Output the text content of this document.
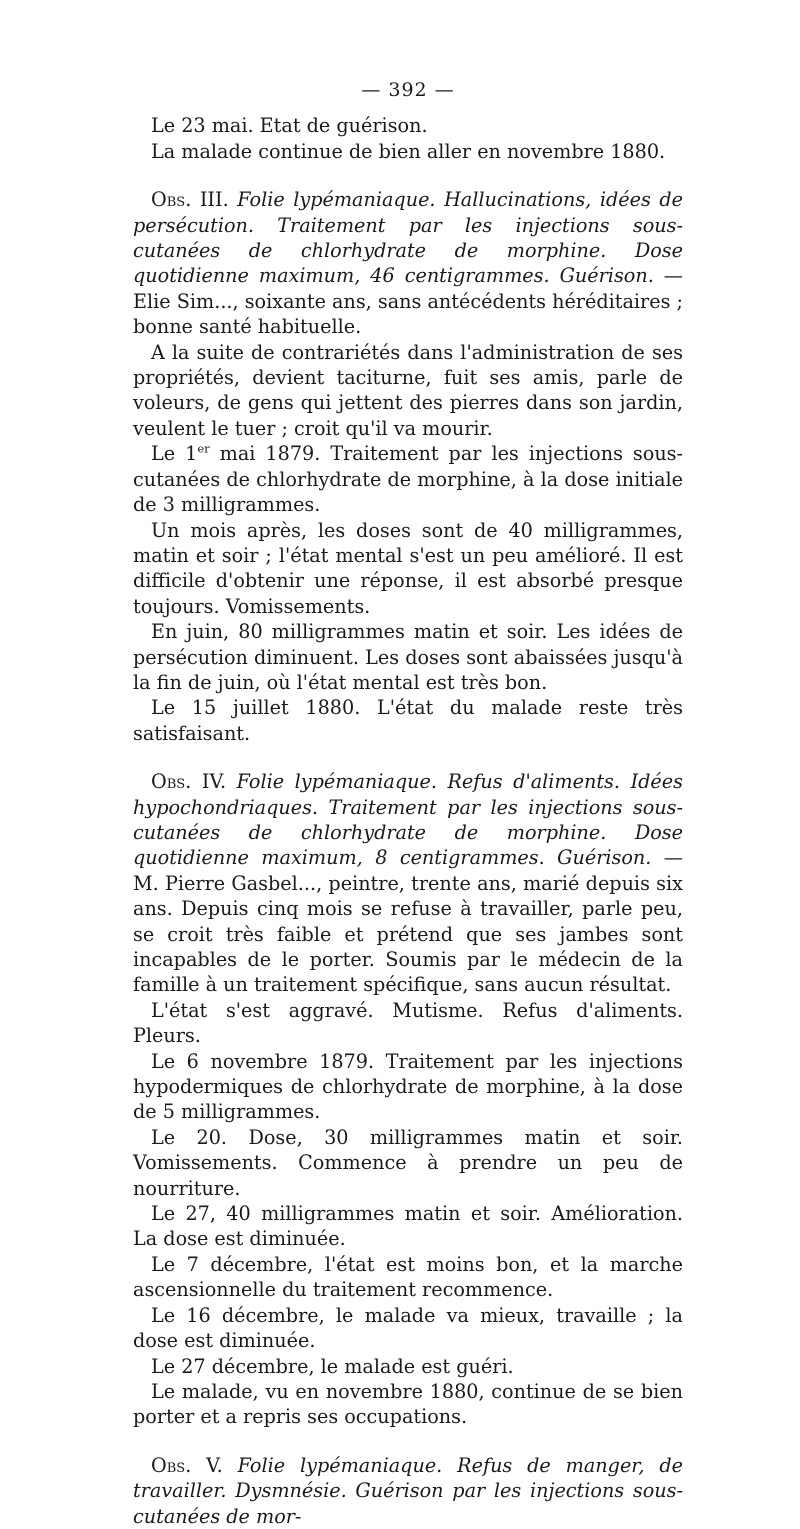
— 392 —

Le 23 mai. Etat de guérison.

La malade continue de bien aller en novembre 1880.

Obs. III. Folie lypémaniaque. Hallucinations, idées de persécution. Traitement par les injections sous-cutanées de chlorhydrate de morphine. Dose quotidienne maximum, 46 centigrammes. Guérison. — Elie Sim..., soixante ans, sans antécédents héréditaires ; bonne santé habituelle.

A la suite de contrariétés dans l'administration de ses propriétés, devient taciturne, fuit ses amis, parle de voleurs, de gens qui jettent des pierres dans son jardin, veulent le tuer ; croit qu'il va mourir.

Le 1er mai 1879. Traitement par les injections sous-cutanées de chlorhydrate de morphine, à la dose initiale de 3 milligrammes.

Un mois après, les doses sont de 40 milligrammes, matin et soir ; l'état mental s'est un peu amélioré. Il est difficile d'obtenir une réponse, il est absorbé presque toujours. Vomissements.

En juin, 80 milligrammes matin et soir. Les idées de persécution diminuent. Les doses sont abaissées jusqu'à la fin de juin, où l'état mental est très bon.

Le 15 juillet 1880. L'état du malade reste très satisfaisant.

Obs. IV. Folie lypémaniaque. Refus d'aliments. Idées hypochondriaques. Traitement par les injections sous-cutanées de chlorhydrate de morphine. Dose quotidienne maximum, 8 centigrammes. Guérison. — M. Pierre Gasbel..., peintre, trente ans, marié depuis six ans. Depuis cinq mois se refuse à travailler, parle peu, se croit très faible et prétend que ses jambes sont incapables de le porter. Soumis par le médecin de la famille à un traitement spécifique, sans aucun résultat.

L'état s'est aggravé. Mutisme. Refus d'aliments. Pleurs.

Le 6 novembre 1879. Traitement par les injections hypodermiques de chlorhydrate de morphine, à la dose de 5 milligrammes.

Le 20. Dose, 30 milligrammes matin et soir. Vomissements. Commence à prendre un peu de nourriture.

Le 27, 40 milligrammes matin et soir. Amélioration. La dose est diminuée.

Le 7 décembre, l'état est moins bon, et la marche ascensionnelle du traitement recommence.

Le 16 décembre, le malade va mieux, travaille ; la dose est diminuée.

Le 27 décembre, le malade est guéri.

Le malade, vu en novembre 1880, continue de se bien porter et a repris ses occupations.

Obs. V. Folie lypémaniaque. Refus de manger, de travailler. Dysmnésie. Guérison par les injections sous-cutanées de mor-
